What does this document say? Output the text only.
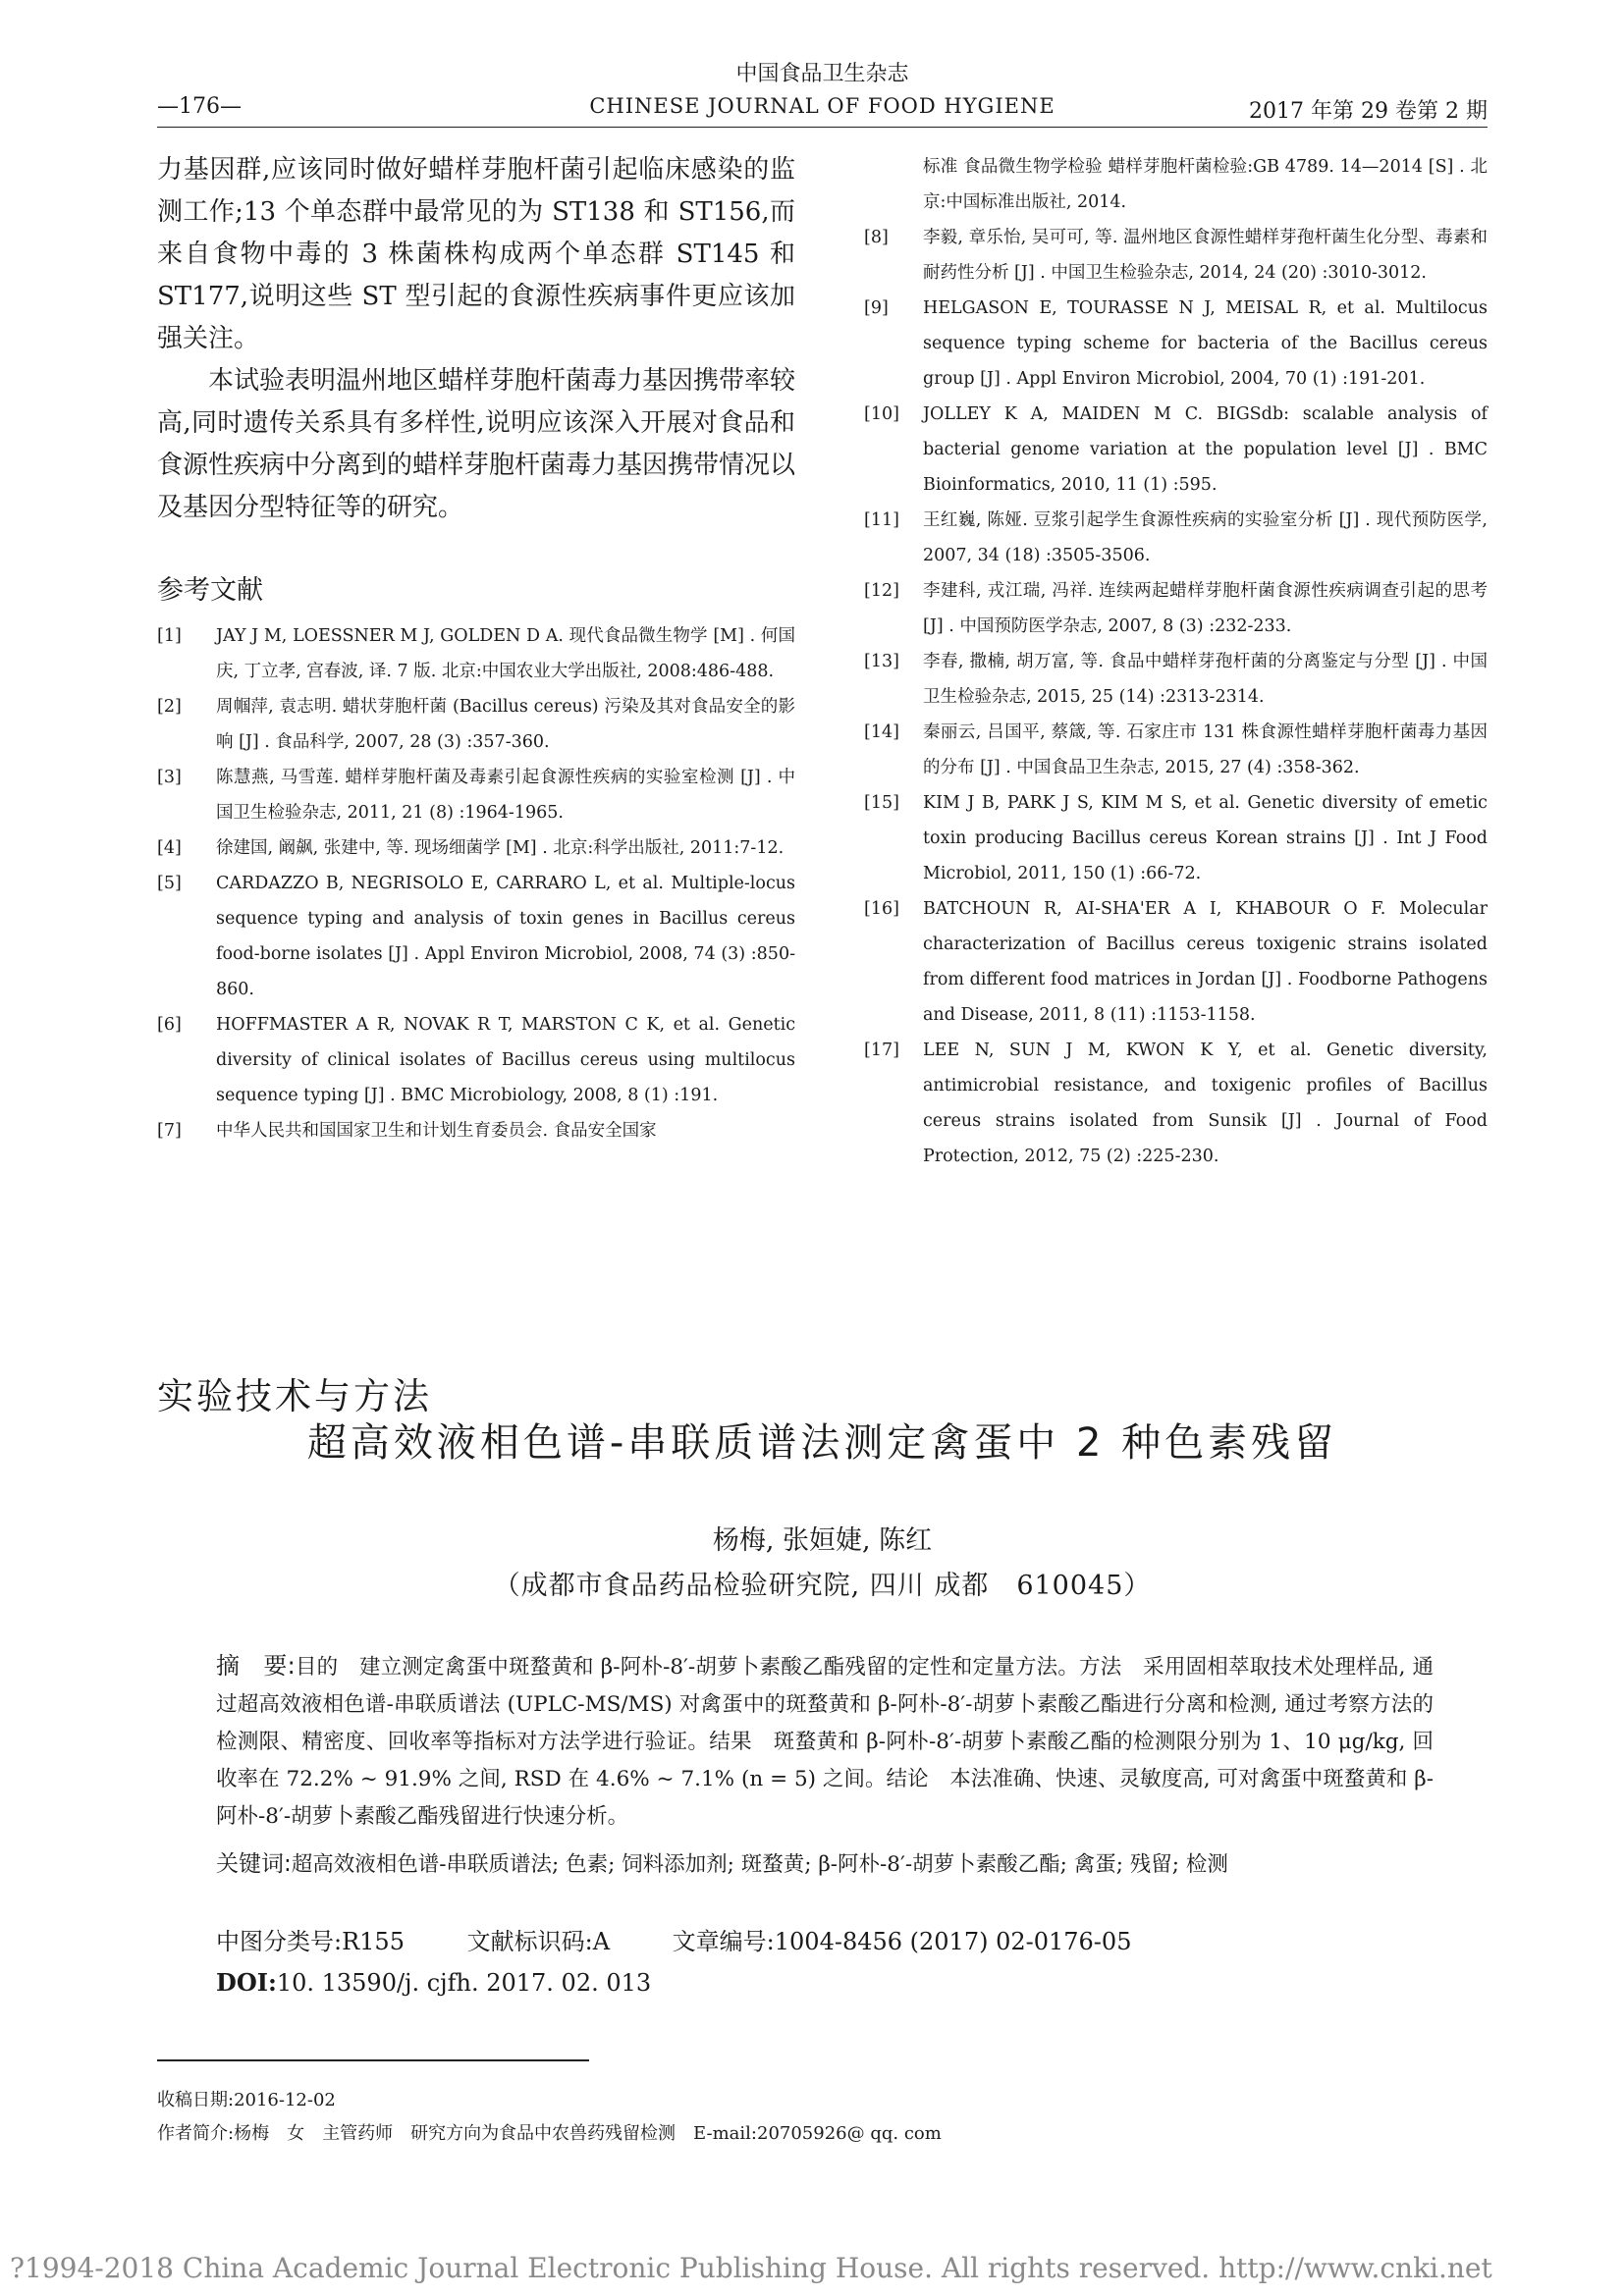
中国食品卫生杂志
—176—	CHINESE JOURNAL OF FOOD HYGIENE	2017 年第 29 卷第 2 期

力基因群,应该同时做好蜡样芽胞杆菌引起临床感染的监测工作;13 个单态群中最常见的为 ST138 和 ST156,而来自食物中毒的 3 株菌株构成两个单态群 ST145 和 ST177,说明这些 ST 型引起的食源性疾病事件更应该加强关注。

本试验表明温州地区蜡样芽胞杆菌毒力基因携带率较高,同时遗传关系具有多样性,说明应该深入开展对食品和食源性疾病中分离到的蜡样芽胞杆菌毒力基因携带情况以及基因分型特征等的研究。

参考文献
[1]	JAY J M, LOESSNER M J, GOLDEN D A. 现代食品微生物学 [M] . 何国庆, 丁立孝, 宫春波, 译. 7 版. 北京:中国农业大学出版社, 2008:486-488.
[2]	周帼萍, 袁志明. 蜡状芽胞杆菌 (Bacillus cereus) 污染及其对食品安全的影响 [J] . 食品科学, 2007, 28 (3) :357-360.
[3]	陈慧燕, 马雪莲. 蜡样芽胞杆菌及毒素引起食源性疾病的实验室检测 [J] . 中国卫生检验杂志, 2011, 21 (8) :1964-1965.
[4]	徐建国, 阚飙, 张建中, 等. 现场细菌学 [M] . 北京:科学出版社, 2011:7-12.
[5]	CARDAZZO B, NEGRISOLO E, CARRARO L, et al. Multiple-locus sequence typing and analysis of toxin genes in Bacillus cereus food-borne isolates [J] . Appl Environ Microbiol, 2008, 74 (3) :850-860.
[6]	HOFFMASTER A R, NOVAK R T, MARSTON C K, et al. Genetic diversity of clinical isolates of Bacillus cereus using multilocus sequence typing [J] . BMC Microbiology, 2008, 8 (1) :191.
[7]	中华人民共和国国家卫生和计划生育委员会. 食品安全国家
标准 食品微生物学检验 蜡样芽胞杆菌检验:GB 4789. 14—2014 [S] . 北京:中国标准出版社, 2014.
[8]	李毅, 章乐怡, 吴可可, 等. 温州地区食源性蜡样芽孢杆菌生化分型、毒素和耐药性分析 [J] . 中国卫生检验杂志, 2014, 24 (20) :3010-3012.
[9]	HELGASON E, TOURASSE N J, MEISAL R, et al. Multilocus sequence typing scheme for bacteria of the Bacillus cereus group [J] . Appl Environ Microbiol, 2004, 70 (1) :191-201.
[10]	JOLLEY K A, MAIDEN M C. BIGSdb: scalable analysis of bacterial genome variation at the population level [J] . BMC Bioinformatics, 2010, 11 (1) :595.
[11]	王红巍, 陈娅. 豆浆引起学生食源性疾病的实验室分析 [J] . 现代预防医学, 2007, 34 (18) :3505-3506.
[12]	李建科, 戎江瑞, 冯祥. 连续两起蜡样芽胞杆菌食源性疾病调查引起的思考 [J] . 中国预防医学杂志, 2007, 8 (3) :232-233.
[13]	李春, 撒楠, 胡万富, 等. 食品中蜡样芽孢杆菌的分离鉴定与分型 [J] . 中国卫生检验杂志, 2015, 25 (14) :2313-2314.
[14]	秦丽云, 吕国平, 蔡箴, 等. 石家庄市 131 株食源性蜡样芽胞杆菌毒力基因的分布 [J] . 中国食品卫生杂志, 2015, 27 (4) :358-362.
[15]	KIM J B, PARK J S, KIM M S, et al. Genetic diversity of emetic toxin producing Bacillus cereus Korean strains [J] . Int J Food Microbiol, 2011, 150 (1) :66-72.
[16]	BATCHOUN R, AI-SHA'ER A I, KHABOUR O F. Molecular characterization of Bacillus cereus toxigenic strains isolated from different food matrices in Jordan [J] . Foodborne Pathogens and Disease, 2011, 8 (11) :1153-1158.
[17]	LEE N, SUN J M, KWON K Y, et al. Genetic diversity, antimicrobial resistance, and toxigenic profiles of Bacillus cereus strains isolated from Sunsik [J] . Journal of Food Protection, 2012, 75 (2) :225-230.
实验技术与方法
超高效液相色谱-串联质谱法测定禽蛋中 2 种色素残留
杨梅, 张姮婕, 陈红
（成都市食品药品检验研究院, 四川 成都　610045）
摘　要:目的　建立测定禽蛋中斑蝥黄和 β-阿朴-8′-胡萝卜素酸乙酯残留的定性和定量方法。方法　采用固相萃取技术处理样品, 通过超高效液相色谱-串联质谱法 (UPLC-MS/MS) 对禽蛋中的斑蝥黄和 β-阿朴-8′-胡萝卜素酸乙酯进行分离和检测, 通过考察方法的检测限、精密度、回收率等指标对方法学进行验证。结果　斑蝥黄和 β-阿朴-8′-胡萝卜素酸乙酯的检测限分别为 1、10 μg/kg, 回收率在 72.2% ~ 91.9% 之间, RSD 在 4.6% ~ 7.1% (n = 5) 之间。结论　本法准确、快速、灵敏度高, 可对禽蛋中斑蝥黄和 β-阿朴-8′-胡萝卜素酸乙酯残留进行快速分析。
关键词:超高效液相色谱-串联质谱法; 色素; 饲料添加剂; 斑蝥黄; β-阿朴-8′-胡萝卜素酸乙酯; 禽蛋; 残留; 检测
中图分类号:R155	文献标识码:A	文章编号:1004-8456 (2017) 02-0176-05
DOI:10. 13590/j. cjfh. 2017. 02. 013
收稿日期:2016-12-02
作者简介:杨梅　女　主管药师　研究方向为食品中农兽药残留检测　E-mail:20705926@ qq. com
?1994-2018 China Academic Journal Electronic Publishing House. All rights reserved. http://www.cnki.net
